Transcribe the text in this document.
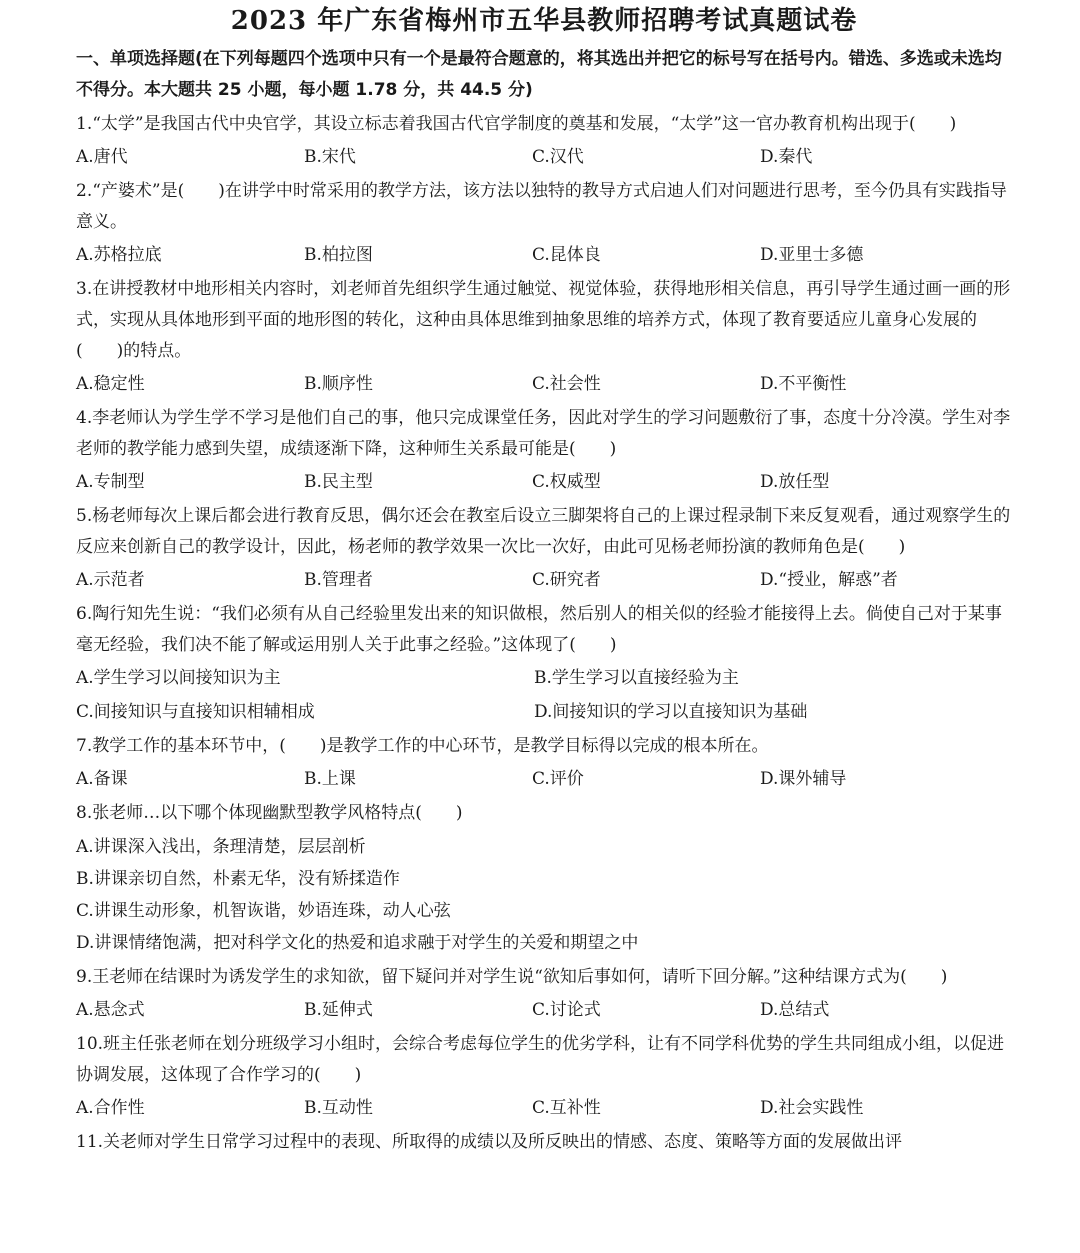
2023 年广东省梅州市五华县教师招聘考试真题试卷

一、单项选择题(在下列每题四个选项中只有一个是最符合题意的，将其选出并把它的标号写在括号内。错选、多选或未选均不得分。本大题共 25 小题，每小题 1.78 分，共 44.5 分)

1.“太学”是我国古代中央官学，其设立标志着我国古代官学制度的奠基和发展，“太学”这一官办教育机构出现于(　　)

A.唐代	B.宋代	C.汉代	D.秦代

2.“产婆术”是(　　)在讲学中时常采用的教学方法，该方法以独特的教导方式启迪人们对问题进行思考，至今仍具有实践指导意义。

A.苏格拉底	B.柏拉图	C.昆体良	D.亚里士多德

3.在讲授教材中地形相关内容时，刘老师首先组织学生通过触觉、视觉体验，获得地形相关信息，再引导学生通过画一画的形式，实现从具体地形到平面的地形图的转化，这种由具体思维到抽象思维的培养方式，体现了教育要适应儿童身心发展的(　　)的特点。

A.稳定性	B.顺序性	C.社会性	D.不平衡性

4.李老师认为学生学不学习是他们自己的事，他只完成课堂任务，因此对学生的学习问题敷衍了事，态度十分冷漠。学生对李老师的教学能力感到失望，成绩逐渐下降，这种师生关系最可能是(　　)

A.专制型	B.民主型	C.权威型	D.放任型

5.杨老师每次上课后都会进行教育反思，偶尔还会在教室后设立三脚架将自己的上课过程录制下来反复观看，通过观察学生的反应来创新自己的教学设计，因此，杨老师的教学效果一次比一次好，由此可见杨老师扮演的教师角色是(　　)

A.示范者	B.管理者	C.研究者	D.“授业，解惑”者

6.陶行知先生说：“我们必须有从自己经验里发出来的知识做根，然后别人的相关似的经验才能接得上去。倘使自己对于某事毫无经验，我们决不能了解或运用别人关于此事之经验。”这体现了(　　)

A.学生学习以间接知识为主	B.学生学习以直接经验为主
C.间接知识与直接知识相辅相成	D.间接知识的学习以直接知识为基础

7.教学工作的基本环节中，(　　)是教学工作的中心环节，是教学目标得以完成的根本所在。

A.备课	B.上课	C.评价	D.课外辅导

8.张老师…以下哪个体现幽默型教学风格特点(　　)

A.讲课深入浅出，条理清楚，层层剖析
B.讲课亲切自然，朴素无华，没有矫揉造作
C.讲课生动形象，机智诙谐，妙语连珠，动人心弦
D.讲课情绪饱满，把对科学文化的热爱和追求融于对学生的关爱和期望之中

9.王老师在结课时为诱发学生的求知欲，留下疑问并对学生说“欲知后事如何，请听下回分解。”这种结课方式为(　　)

A.悬念式	B.延伸式	C.讨论式	D.总结式

10.班主任张老师在划分班级学习小组时，会综合考虑每位学生的优劣学科，让有不同学科优势的学生共同组成小组，以促进协调发展，这体现了合作学习的(　　)

A.合作性	B.互动性	C.互补性	D.社会实践性

11.关老师对学生日常学习过程中的表现、所取得的成绩以及所反映出的情感、态度、策略等方面的发展做出评
